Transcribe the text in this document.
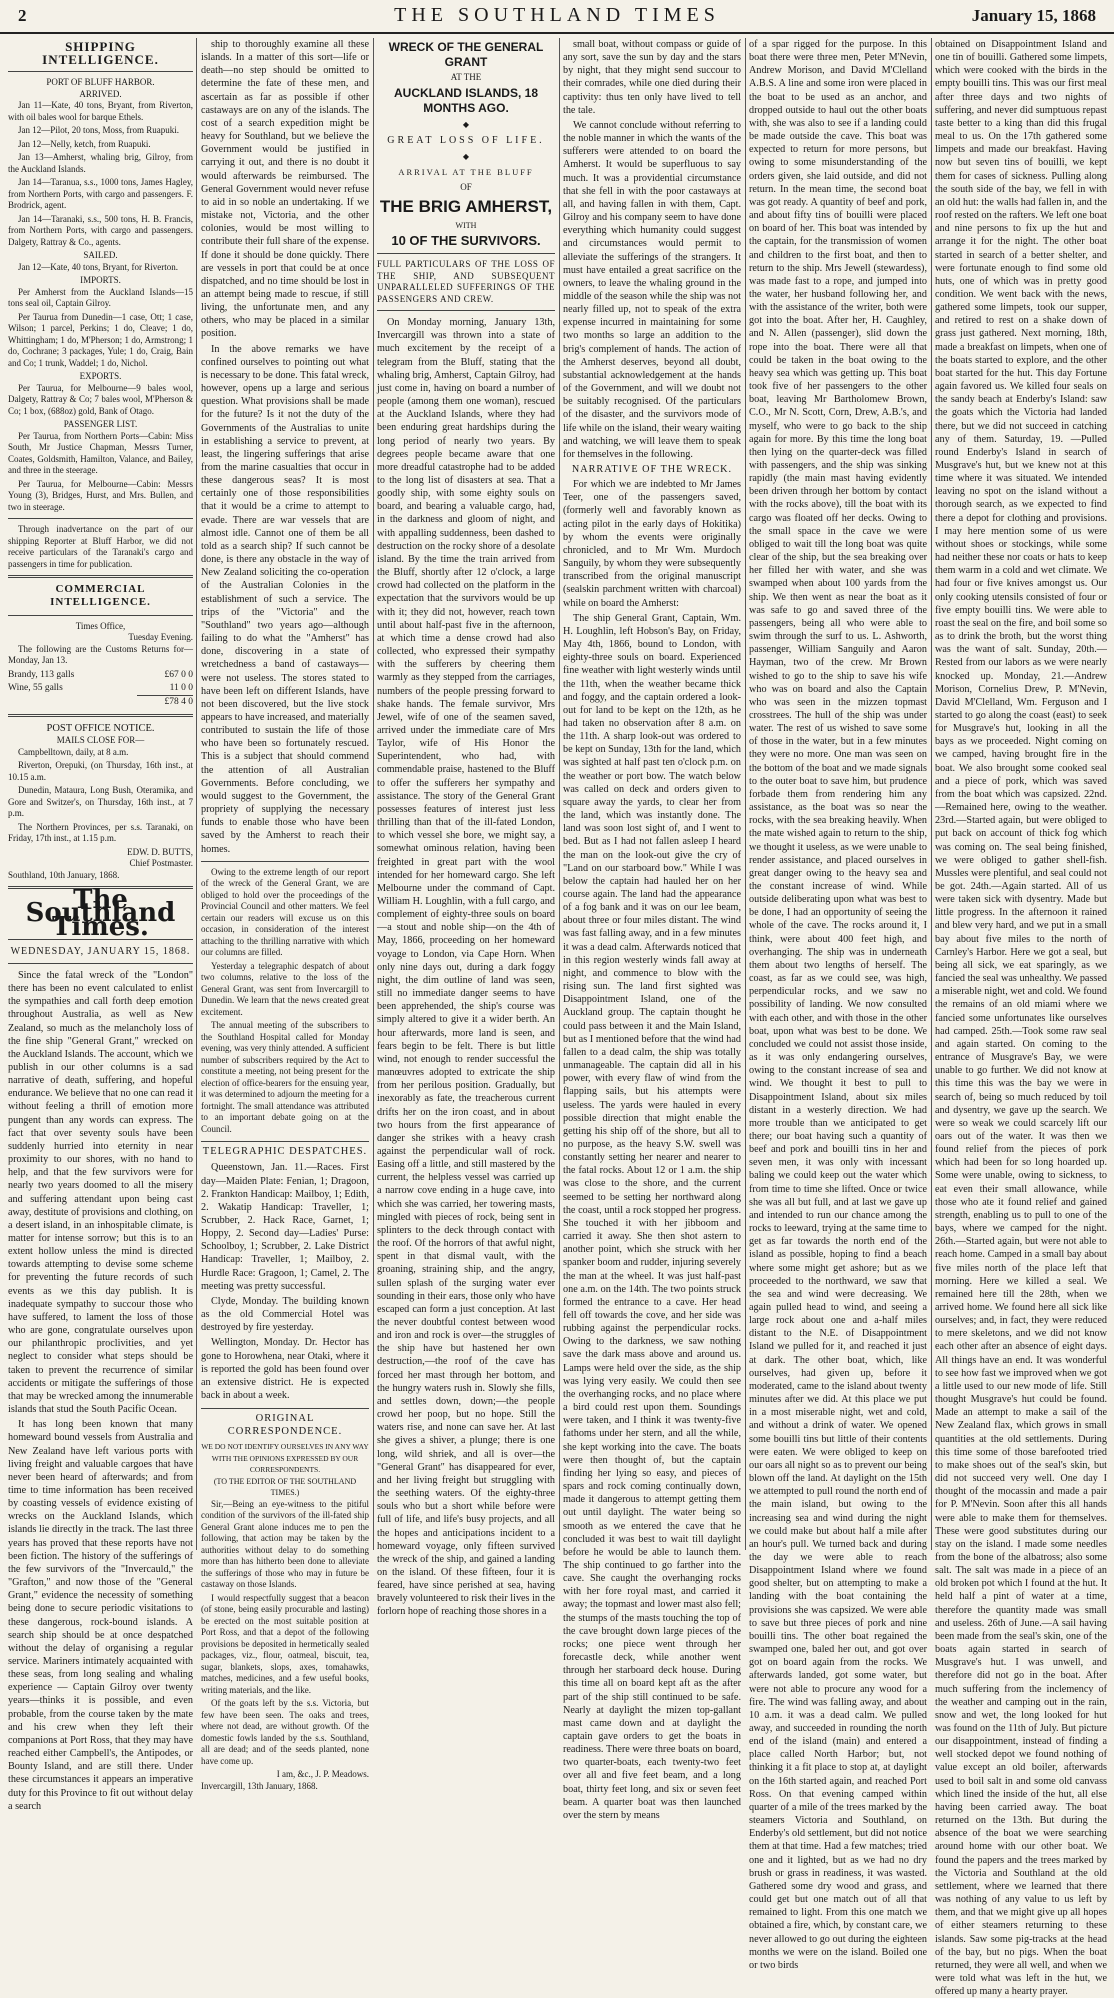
2	THE SOUTHLAND TIMES	January 15, 1868
SHIPPING INTELLIGENCE.
PORT OF BLUFF HARBOR.
ARRIVED.

Jan 11—Kate, 40 tons, Bryant, from Riverton, with oil bales wool for barque Ethels.

Jan 12—Pilot, 20 tons, Moss, from Ruapuki.

Jan 12—Nelly, ketch, from Ruapuki.

Jan 13—Amherst, whaling brig, Gilroy, from the Auckland Islands.

Jan 14—Taranua, s.s., 1000 tons, James Hagley, from Northern Ports, with cargo and passengers. F. Brodrick, agent.

Jan 14—Taranaki, s.s., 500 tons, H. B. Francis, from Northern Ports, with cargo and passengers. Dalgety, Rattray & Co., agents.

SAILED.

Jan 12—Kate, 40 tons, Bryant, for Riverton.

IMPORTS.

Per Amherst from the Auckland Islands—15 tons seal oil, Captain Gilroy.

Per Taurua from Dunedin—1 case, Ott; 1 case, Wilson; 1 parcel, Perkins; 1 do, Cleave; 1 do, Whittingham; 1 do, M'Pherson; 1 do, Armstrong; 1 do, Cochrane; 3 packages, Yule; 1 do, Craig, Bain and Co; 1 trunk, Waddel; 1 do, Nichol.

EXPORTS.

Per Taurua, for Melbourne—9 bales wool, Dalgety, Rattray & Co; 7 bales wool, M'Pherson & Co; 1 box, (688oz) gold, Bank of Otago.

PASSENGER LIST.

Per Taurua, from Northern Ports—Cabin: Miss South, Mr Justice Chapman, Messrs Turner, Coates, Goldsmith, Hamilton, Valance, and Bailey, and three in the steerage.

Per Taurua, for Melbourne—Cabin: Messrs Young (3), Bridges, Hurst, and Mrs. Bullen, and two in steerage.

Through inadvertance on the part of our shipping Reporter at Bluff Harbor, we did not receive particulars of the Taranaki's cargo and passengers in time for publication.

COMMERCIAL INTELLIGENCE.
Times Office,
Tuesday Evening.

The following are the Customs Returns for—Monday, Jan 13.

Brandy, 113 galls	£67 0 0
Wine, 55 galls	11 0 0
	£78 4 0
POST OFFICE NOTICE.
MAILS CLOSE FOR—

Campbelltown, daily, at 8 a.m.

Riverton, Orepuki, (on Thursday, 16th inst., at 10.15 a.m.

Dunedin, Mataura, Long Bush, Oteramika, and Gore and Switzer's, on Thursday, 16th inst., at 7 p.m.

The Northern Provinces, per s.s. Taranaki, on Friday, 17th inst., at 1.15 p.m.

EDW. D. BUTTS,
Chief Postmaster.
Southland, 10th January, 1868.
The Southland Times.
WEDNESDAY, JANUARY 15, 1868.

Since the fatal wreck of the "London" there has been no event calculated to enlist the sympathies and call forth deep emotion throughout Australia, as well as New Zealand, so much as the melancholy loss of the fine ship "General Grant," wrecked on the Auckland Islands. The account, which we publish in our other columns is a sad narrative of death, suffering, and hopeful endurance. We believe that no one can read it without feeling a thrill of emotion more pungent than any words can express. The fact that over seventy souls have been suddenly hurried into eternity in near proximity to our shores, with no hand to help, and that the few survivors were for nearly two years doomed to all the misery and suffering attendant upon being cast away, destitute of provisions and clothing, on a desert island, in an inhospitable climate, is matter for intense sorrow; but this is to an extent hollow unless the mind is directed towards attempting to devise some scheme for preventing the future records of such events as we this day publish. It is inadequate sympathy to succour those who have suffered, to lament the loss of those who are gone, congratulate ourselves upon our philanthropic proclivities, and yet neglect to consider what steps should be taken to prevent the recurrence of similar accidents or mitigate the sufferings of those that may be wrecked among the innumerable islands that stud the South Pacific Ocean.

It has long been known that many homeward bound vessels from Australia and New Zealand have left various ports with living freight and valuable cargoes that have never been heard of afterwards; and from time to time information has been received by coasting vessels of evidence existing of wrecks on the Auckland Islands, which islands lie directly in the track. The last three years has proved that these reports have not been fiction. The history of the sufferings of the few survivors of the "Invercauld," the "Grafton," and now those of the "General Grant," evidence the necessity of something being done to secure periodic visitations to these dangerous, rock-bound islands. A search ship should be at once despatched without the delay of organising a regular service. Mariners intimately acquainted with these seas, from long sealing and whaling experience — Captain Gilroy over twenty years—thinks it is possible, and even probable, from the course taken by the mate and his crew when they left their companions at Port Ross, that they may have reached either Campbell's, the Antipodes, or Bounty Island, and are still there. Under these circumstances it appears an imperative duty for this Province to fit out without delay a search

ship to thoroughly examine all these islands. In a matter of this sort—life or death—no step should be omitted to determine the fate of these men, and ascertain as far as possible if other castaways are on any of the islands. The cost of a search expedition might be heavy for Southland, but we believe the Government would be justified in carrying it out, and there is no doubt it would afterwards be reimbursed. The General Government would never refuse to aid in so noble an undertaking. If we mistake not, Victoria, and the other colonies, would be most willing to contribute their full share of the expense. If done it should be done quickly. There are vessels in port that could be at once dispatched, and no time should be lost in an attempt being made to rescue, if still living, the unfortunate men, and any others, who may be placed in a similar position.

In the above remarks we have confined ourselves to pointing out what is necessary to be done. This fatal wreck, however, opens up a large and serious question. What provisions shall be made for the future? Is it not the duty of the Governments of the Australias to unite in establishing a service to prevent, at least, the lingering sufferings that arise from the marine casualties that occur in these dangerous seas? It is most certainly one of those responsibilities that it would be a crime to attempt to evade. There are war vessels that are almost idle. Cannot one of them be all told as a search ship? If such cannot be done, is there any obstacle in the way of New Zealand soliciting the co-operation of the Australian Colonies in the establishment of such a service. The trips of the "Victoria" and the "Southland" two years ago—although failing to do what the "Amherst" has done, discovering in a state of wretchedness a band of castaways—were not useless. The stores stated to have been left on different Islands, have not been discovered, but the live stock appears to have increased, and materially contributed to sustain the life of those who have been so fortunately rescued. This is a subject that should commend the attention of all Australian Governments. Before concluding, we would suggest to the Government, the propriety of supplying the necessary funds to enable those who have been saved by the Amherst to reach their homes.

Owing to the extreme length of our report of the wreck of the General Grant, we are obliged to hold over the proceedings of the Provincial Council and other matters. We feel certain our readers will excuse us on this occasion, in consideration of the interest attaching to the thrilling narrative with which our columns are filled.

Yesterday a telegraphic despatch of about two columns, relative to the loss of the General Grant, was sent from Invercargill to Dunedin. We learn that the news created great excitement.

The annual meeting of the subscribers to the Southland Hospital called for Monday evening, was very thinly attended. A sufficient number of subscribers required by the Act to constitute a meeting, not being present for the election of office-bearers for the ensuing year, it was determined to adjourn the meeting for a fortnight. The small attendance was attributed to an important debate going on at the Council.

TELEGRAPHIC DESPATCHES.

Queenstown, Jan. 11.—Races. First day—Maiden Plate: Fenian, 1; Dragoon, 2. Frankton Handicap: Mailboy, 1; Edith, 2. Wakatip Handicap: Traveller, 1; Scrubber, 2. Hack Race, Garnet, 1; Hoppy, 2. Second day—Ladies' Purse: Schoolboy, 1; Scrubber, 2. Lake District Handicap: Traveller, 1; Mailboy, 2. Hurdle Race: Gragoon, 1; Camel, 2. The meeting was pretty successful.

Clyde, Monday. The building known as the old Commercial Hotel was destroyed by fire yesterday.

Wellington, Monday. Dr. Hector has gone to Horowhena, near Otaki, where it is reported the gold has been found over an extensive district. He is expected back in about a week.

ORIGINAL CORRESPONDENCE.
WE DO NOT IDENTIFY OURSELVES IN ANY WAY WITH THE OPINIONS EXPRESSED BY OUR CORRESPONDENTS.
(TO THE EDITOR OF THE SOUTHLAND TIMES.)

Sir,—Being an eye-witness to the pitiful condition of the survivors of the ill-fated ship General Grant alone induces me to pen the following, that action may be taken by the authorities without delay to do something more than has hitherto been done to alleviate the sufferings of those who may in future be castaway on those Islands.

I would respectfully suggest that a beacon (of stone, being easily procurable and lasting) be erected on the most suitable position at Port Ross, and that a depot of the following provisions be deposited in hermetically sealed packages, viz., flour, oatmeal, biscuit, tea, sugar, blankets, slops, axes, tomahawks, matches, medicines, and a few useful books, writing materials, and the like.

Of the goats left by the s.s. Victoria, but few have been seen. The oaks and trees, where not dead, are without growth. Of the domestic fowls landed by the s.s. Southland, all are dead; and of the seeds planted, none have come up.

I am, &c., J. P. Meadows.
Invercargill, 13th January, 1868.
WRECK OF THE GENERAL GRANT
AT THE
AUCKLAND ISLANDS, 18 MONTHS AGO.
◆
GREAT LOSS OF LIFE.
◆
ARRIVAL AT THE BLUFF
OF
THE BRIG AMHERST,
WITH
10 OF THE SURVIVORS.
FULL PARTICULARS OF THE LOSS OF THE SHIP, AND SUBSEQUENT UNPARALLELED SUFFERINGS OF THE PASSENGERS AND CREW.

On Monday morning, January 13th, Invercargill was thrown into a state of much excitement by the receipt of a telegram from the Bluff, stating that the whaling brig, Amherst, Captain Gilroy, had just come in, having on board a number of people (among them one woman), rescued at the Auckland Islands, where they had been enduring great hardships during the long period of nearly two years. By degrees people became aware that one more dreadful catastrophe had to be added to the long list of disasters at sea. That a goodly ship, with some eighty souls on board, and bearing a valuable cargo, had, in the darkness and gloom of night, and with appalling suddenness, been dashed to destruction on the rocky shore of a desolate island. By the time the train arrived from the Bluff, shortly after 12 o'clock, a large crowd had collected on the platform in the expectation that the survivors would be up with it; they did not, however, reach town until about half-past five in the afternoon, at which time a dense crowd had also collected, who expressed their sympathy with the sufferers by cheering them warmly as they stepped from the carriages, numbers of the people pressing forward to shake hands. The female survivor, Mrs Jewel, wife of one of the seamen saved, arrived under the immediate care of Mrs Taylor, wife of His Honor the Superintendent, who had, with commendable praise, hastened to the Bluff to offer the sufferers her sympathy and assistance. The story of the General Grant possesses features of interest just less thrilling than that of the ill-fated London, to which vessel she bore, we might say, a somewhat ominous relation, having been freighted in great part with the wool intended for her homeward cargo. She left Melbourne under the command of Capt. William H. Loughlin, with a full cargo, and complement of eighty-three souls on board—a stout and noble ship—on the 4th of May, 1866, proceeding on her homeward voyage to London, via Cape Horn. When only nine days out, during a dark foggy night, the dim outline of land was seen, still no immediate danger seems to have been apprehended, the ship's course was simply altered to give it a wider berth. An hour afterwards, more land is seen, and fears begin to be felt. There is but little wind, not enough to render successful the manœuvres adopted to extricate the ship from her perilous position. Gradually, but inexorably as fate, the treacherous current drifts her on the iron coast, and in about two hours from the first appearance of danger she strikes with a heavy crash against the perpendicular wall of rock. Easing off a little, and still mastered by the current, the helpless vessel was carried up a narrow cove ending in a huge cave, into which she was carried, her towering masts, mingled with pieces of rock, being sent in splinters to the deck through contact with the roof. Of the horrors of that awful night, spent in that dismal vault, with the groaning, straining ship, and the angry, sullen splash of the surging water ever sounding in their ears, those only who have escaped can form a just conception. At last the never doubtful contest between wood and iron and rock is over—the struggles of the ship have but hastened her own destruction,—the roof of the cave has forced her mast through her bottom, and the hungry waters rush in. Slowly she fills, and settles down, down;—the people crowd her poop, but no hope. Still the waters rise, and none can save her. At last she gives a shiver, a plunge; there is one long, wild shriek, and all is over—the "General Grant" has disappeared for ever, and her living freight but struggling with the seething waters. Of the eighty-three souls who but a short while before were full of life, and life's busy projects, and all the hopes and anticipations incident to a homeward voyage, only fifteen survived the wreck of the ship, and gained a landing on the island. Of these fifteen, four it is feared, have since perished at sea, having bravely volunteered to risk their lives in the forlorn hope of reaching those shores in a

small boat, without compass or guide of any sort, save the sun by day and the stars by night, that they might send succour to their comrades, while one died during their captivity: thus ten only have lived to tell the tale.

We cannot conclude without referring to the noble manner in which the wants of the sufferers were attended to on board the Amherst. It would be superfluous to say much. It was a providential circumstance that she fell in with the poor castaways at all, and having fallen in with them, Capt. Gilroy and his company seem to have done everything which humanity could suggest and circumstances would permit to alleviate the sufferings of the strangers. It must have entailed a great sacrifice on the owners, to leave the whaling ground in the middle of the season while the ship was not nearly filled up, not to speak of the extra expense incurred in maintaining for some two months so large an addition to the brig's complement of hands. The action of the Amherst deserves, beyond all doubt, substantial acknowledgement at the hands of the Government, and will we doubt not be suitably recognised. Of the particulars of the disaster, and the survivors mode of life while on the island, their weary waiting and watching, we will leave them to speak for themselves in the following.

NARRATIVE OF THE WRECK.

For which we are indebted to Mr James Teer, one of the passengers saved, (formerly well and favorably known as acting pilot in the early days of Hokitika) by whom the events were originally chronicled, and to Mr Wm. Murdoch Sanguily, by whom they were subsequently transcribed from the original manuscript (sealskin parchment written with charcoal) while on board the Amherst:

The ship General Grant, Captain, Wm. H. Loughlin, left Hobson's Bay, on Friday, May 4th, 1866, bound to London, with eighty-three souls on board. Experienced fine weather with light westerly winds until the 11th, when the weather became thick and foggy, and the captain ordered a look-out for land to be kept on the 12th, as he had taken no observation after 8 a.m. on the 11th. A sharp look-out was ordered to be kept on Sunday, 13th for the land, which was sighted at half past ten o'clock p.m. on the weather or port bow. The watch below was called on deck and orders given to square away the yards, to clear her from the land, which was instantly done. The land was soon lost sight of, and I went to bed. But as I had not fallen asleep I heard the man on the look-out give the cry of "Land on our starboard bow." While I was below the captain had hauled her on her course again. The land had the appearance of a fog bank and it was on our lee beam, about three or four miles distant. The wind was fast falling away, and in a few minutes it was a dead calm. Afterwards noticed that in this region westerly winds fall away at night, and commence to blow with the rising sun. The land first sighted was Disappointment Island, one of the Auckland group. The captain thought he could pass between it and the Main Island, but as I mentioned before that the wind had fallen to a dead calm, the ship was totally unmanageable. The captain did all in his power, with every flaw of wind from the flapping sails, but his attempts were useless. The yards were hauled in every possible direction that might enable the getting his ship off of the shore, but all to no purpose, as the heavy S.W. swell was constantly setting her nearer and nearer to the fatal rocks. About 12 or 1 a.m. the ship was close to the shore, and the current seemed to be setting her northward along the coast, until a rock stopped her progress. She touched it with her jibboom and carried it away. She then shot astern to another point, which she struck with her spanker boom and rudder, injuring severely the man at the wheel. It was just half-past one a.m. on the 14th. The two points struck formed the entrance to a cave. Her head fell off towards the cove, and her side was rubbing against the perpendicular rocks. Owing to the darkness, we saw nothing save the dark mass above and around us. Lamps were held over the side, as the ship was lying very easily. We could then see the overhanging rocks, and no place where a bird could rest upon them. Soundings were taken, and I think it was twenty-five fathoms under her stern, and all the while, she kept working into the cave. The boats were then thought of, but the captain finding her lying so easy, and pieces of spars and rock coming continually down, made it dangerous to attempt getting them out until daylight. The water being so smooth as we entered the cave that he concluded it was best to wait till daylight before he would be able to launch them. The ship continued to go farther into the cave. She caught the overhanging rocks with her fore royal mast, and carried it away; the topmast and lower mast also fell; the stumps of the masts touching the top of the cave brought down large pieces of the rocks; one piece went through her forecastle deck, while another went through her starboard deck house. During this time all on board kept aft as the after part of the ship still continued to be safe. Nearly at daylight the mizen top-gallant mast came down and at daylight the captain gave orders to get the boats in readiness. There were three boats on board, two quarter-boats, each twenty-two feet over all and five feet beam, and a long boat, thirty feet long, and six or seven feet beam. A quarter boat was then launched over the stern by means

of a spar rigged for the purpose. In this boat there were three men, Peter M'Nevin, Andrew Morison, and David M'Clelland A.B.S. A line and some iron were placed in the boat to be used as an anchor, and dropped outside to haul out the other boats with, she was also to see if a landing could be made outside the cave. This boat was expected to return for more persons, but owing to some misunderstanding of the orders given, she laid outside, and did not return. In the mean time, the second boat was got ready. A quantity of beef and pork, and about fifty tins of bouilli were placed on board of her. This boat was intended by the captain, for the transmission of women and children to the first boat, and then to return to the ship. Mrs Jewell (stewardess), was made fast to a rope, and jumped into the water, her husband following her, and with the assistance of the writer, both were got into the boat. After her, H. Caughley, and N. Allen (passenger), slid down the rope into the boat. There were all that could be taken in the boat owing to the heavy sea which was getting up. This boat took five of her passengers to the other boat, leaving Mr Bartholomew Brown, C.O., Mr N. Scott, Corn, Drew, A.B.'s, and myself, who were to go back to the ship again for more. By this time the long boat then lying on the quarter-deck was filled with passengers, and the ship was sinking rapidly (the main mast having evidently been driven through her bottom by contact with the rocks above), till the boat with its cargo was floated off her decks. Owing to the small space in the cave we were obliged to wait till the long boat was quite clear of the ship, but the sea breaking over her filled her with water, and she was swamped when about 100 yards from the ship. We then went as near the boat as it was safe to go and saved three of the passengers, being all who were able to swim through the surf to us. L. Ashworth, passenger, William Sanguily and Aaron Hayman, two of the crew. Mr Brown wished to go to the ship to save his wife who was on board and also the Captain who was seen in the mizzen topmast crosstrees. The hull of the ship was under water. The rest of us wished to save some of those in the water, but in a few minutes they were no more. One man was seen on the bottom of the boat and we made signals to the outer boat to save him, but prudence forbade them from rendering him any assistance, as the boat was so near the rocks, with the sea breaking heavily. When the mate wished again to return to the ship, we thought it useless, as we were unable to render assistance, and placed ourselves in great danger owing to the heavy sea and the constant increase of wind. While outside deliberating upon what was best to be done, I had an opportunity of seeing the whole of the cave. The rocks around it, I think, were about 400 feet high, and overhanging. The ship was in underneath them about two lengths of herself. The coast, as far as we could see, was high, perpendicular rocks, and we saw no possibility of landing. We now consulted with each other, and with those in the other boat, upon what was best to be done. We concluded we could not assist those inside, as it was only endangering ourselves, owing to the constant increase of sea and wind. We thought it best to pull to Disappointment Island, about six miles distant in a westerly direction. We had more trouble than we anticipated to get there; our boat having such a quantity of beef and pork and bouilli tins in her and seven men, it was only with incessant baling we could keep out the water which from time to time she lifted. Once or twice she was all but full, and at last we gave up and intended to run our chance among the rocks to leeward, trying at the same time to get as far towards the north end of the island as possible, hoping to find a beach where some might get ashore; but as we proceeded to the northward, we saw that the sea and wind were decreasing. We again pulled head to wind, and seeing a large rock about one and a-half miles distant to the N.E. of Disappointment Island we pulled for it, and reached it just at dark. The other boat, which, like ourselves, had given up, before it moderated, came to the island about twenty minutes after we did. At this place we put in a most miserable night, wet and cold, and without a drink of water. We opened some bouilli tins but little of their contents were eaten. We were obliged to keep on our oars all night so as to prevent our being blown off the land. At daylight on the 15th we attempted to pull round the north end of the main island, but owing to the increasing sea and wind during the night we could make but about half a mile after an hour's pull. We turned back and during the day we were able to reach Disappointment Island where we found good shelter, but on attempting to make a landing with the boat containing the provisions she was capsized. We were able to save but three pieces of pork and nine bouilli tins. The other boat regained the swamped one, baled her out, and got over got on board again from the rocks. We afterwards landed, got some water, but were not able to procure any wood for a fire. The wind was falling away, and about 10 a.m. it was a dead calm. We pulled away, and succeeded in rounding the north end of the island (main) and entered a place called North Harbor; but, not thinking it a fit place to stop at, at daylight on the 16th started again, and reached Port Ross. On that evening camped within quarter of a mile of the trees marked by the steamers Victoria and Southland, on Enderby's old settlement, but did not notice them at that time. Had a few matches; tried one and it lighted, but as we had no dry brush or grass in readiness, it was wasted. Gathered some dry wood and grass, and could get but one match out of all that remained to light. From this one match we obtained a fire, which, by constant care, we never allowed to go out during the eighteen months we were on the island. Boiled one or two birds

obtained on Disappointment Island and one tin of bouilli. Gathered some limpets, which were cooked with the birds in the empty bouilli tins. This was our first meal after three days and two nights of suffering, and never did sumptuous repast taste better to a king than did this frugal meal to us. On the 17th gathered some limpets and made our breakfast. Having now but seven tins of bouilli, we kept them for cases of sickness. Pulling along the south side of the bay, we fell in with an old hut: the walls had fallen in, and the roof rested on the rafters. We left one boat and nine persons to fix up the hut and arrange it for the night. The other boat started in search of a better shelter, and were fortunate enough to find some old huts, one of which was in pretty good condition. We went back with the news, gathered some limpets, took our supper, and retired to rest on a shake down of grass just gathered. Next morning, 18th, made a breakfast on limpets, when one of the boats started to explore, and the other boat started for the hut. This day Fortune again favored us. We killed four seals on the sandy beach at Enderby's Island: saw the goats which the Victoria had landed there, but we did not succeed in catching any of them. Saturday, 19. —Pulled round Enderby's Island in search of Musgrave's hut, but we knew not at this time where it was situated. We intended leaving no spot on the island without a thorough search, as we expected to find there a depot for clothing and provisions. I may here mention some of us were without shoes or stockings, while some had neither these nor coats or hats to keep them warm in a cold and wet climate. We had four or five knives amongst us. Our only cooking utensils consisted of four or five empty bouilli tins. We were able to roast the seal on the fire, and boil some so as to drink the broth, but the worst thing was the want of salt. Sunday, 20th.—Rested from our labors as we were nearly knocked up. Monday, 21.—Andrew Morison, Cornelius Drew, P. M'Nevin, David M'Clelland, Wm. Ferguson and I started to go along the coast (east) to seek for Musgrave's hut, looking in all the bays as we proceeded. Night coming on we camped, having brought fire in the boat. We also brought some cooked seal and a piece of pork, which was saved from the boat which was capsized. 22nd.—Remained here, owing to the weather. 23rd.—Started again, but were obliged to put back on account of thick fog which was coming on. The seal being finished, we were obliged to gather shell-fish. Mussles were plentiful, and seal could not be got. 24th.—Again started. All of us were taken sick with dysentry. Made but little progress. In the afternoon it rained and blew very hard, and we put in a small bay about five miles to the north of Carnley's Harbor. Here we got a seal, but being all sick, we eat sparingly, as we fancied the seal was unhealthy. We passed a miserable night, wet and cold. We found the remains of an old miami where we fancied some unfortunates like ourselves had camped. 25th.—Took some raw seal and again started. On coming to the entrance of Musgrave's Bay, we were unable to go further. We did not know at this time this was the bay we were in search of, being so much reduced by toil and dysentry, we gave up the search. We were so weak we could scarcely lift our oars out of the water. It was then we found relief from the pieces of pork which had been for so long hoarded up. Some were unable, owing to sickness, to eat even their small allowance, while those who ate it found relief and gained strength, enabling us to pull to one of the bays, where we camped for the night. 26th.—Started again, but were not able to reach home. Camped in a small bay about five miles north of the place left that morning. Here we killed a seal. We remained here till the 28th, when we arrived home. We found here all sick like ourselves; and, in fact, they were reduced to mere skeletons, and we did not know each other after an absence of eight days. All things have an end. It was wonderful to see how fast we improved when we got a little used to our new mode of life. Still thought Musgrave's hut could be found. Made an attempt to make a sail of the New Zealand flax, which grows in small quantities at the old settlements. During this time some of those barefooted tried to make shoes out of the seal's skin, but did not succeed very well. One day I thought of the mocassin and made a pair for P. M'Nevin. Soon after this all hands were able to make them for themselves. These were good substitutes during our stay on the island. I made some needles from the bone of the albatross; also some salt. The salt was made in a piece of an old broken pot which I found at the hut. It held half a pint of water at a time, therefore the quantity made was small and useless. 26th of June.—A sail having been made from the seal's skin, one of the boats again started in search of Musgrave's hut. I was unwell, and therefore did not go in the boat. After much suffering from the inclemency of the weather and camping out in the rain, snow and wet, the long looked for hut was found on the 11th of July. But picture our disappointment, instead of finding a well stocked depot we found nothing of value except an old boiler, afterwards used to boil salt in and some old canvass which lined the inside of the hut, all else having been carried away. The boat returned on the 13th. But during the absence of the boat we were searching around home with our other boat. We found the papers and the trees marked by the Victoria and Southland at the old settlement, where we learned that there was nothing of any value to us left by them, and that we might give up all hopes of either steamers returning to these islands. Saw some pig-tracks at the head of the bay, but no pigs. When the boat returned, they were all well, and when we were told what was left in the hut, we offered up many a hearty prayer.
